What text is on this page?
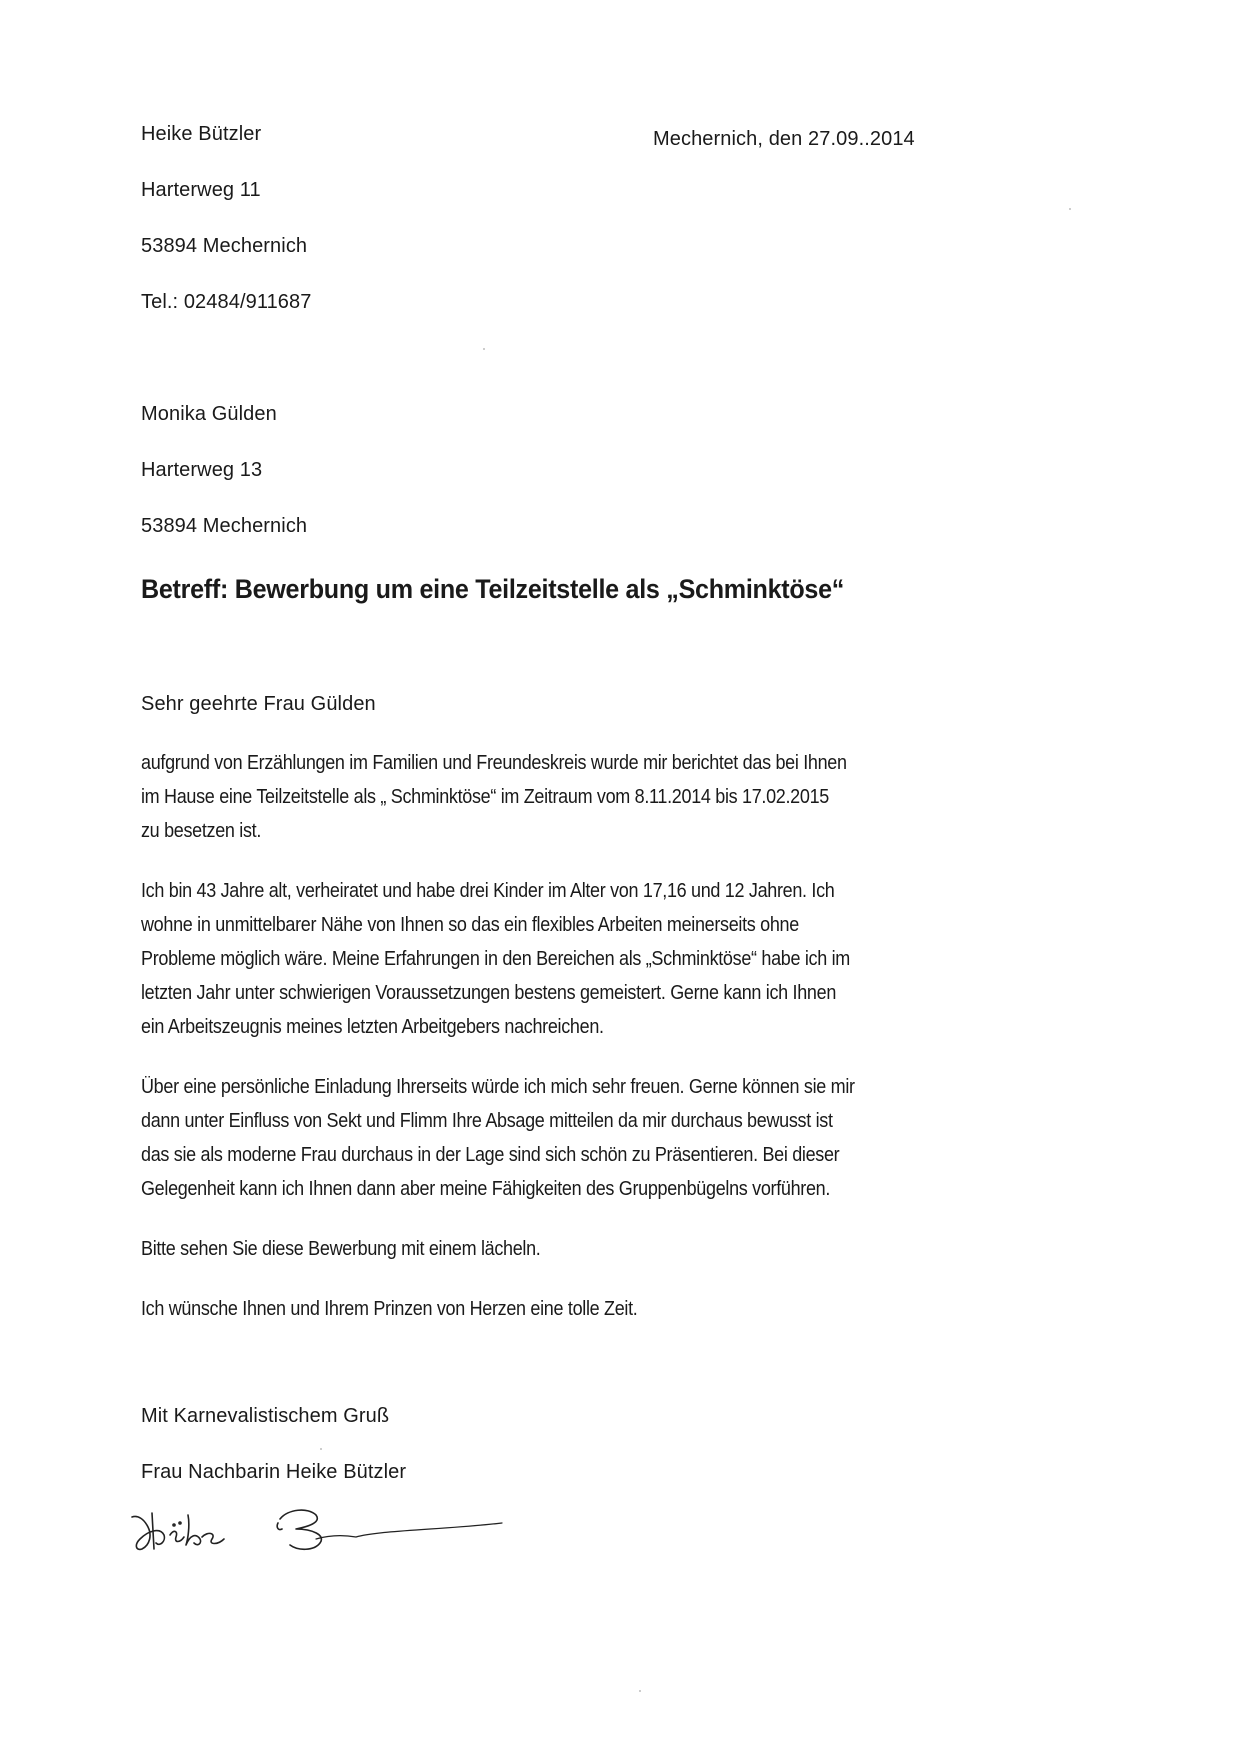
Heike Bützler
Harterweg 11
53894 Mechernich
Tel.: 02484/911687
Mechernich, den 27.09..2014
Monika Gülden
Harterweg 13
53894 Mechernich
Betreff: Bewerbung um eine Teilzeitstelle als „Schminktöse“
Sehr geehrte Frau Gülden
aufgrund von Erzählungen im Familien und Freundeskreis wurde mir berichtet das bei Ihnen
im Hause eine Teilzeitstelle als „ Schminktöse“ im Zeitraum vom 8.11.2014 bis 17.02.2015
zu besetzen ist.
Ich bin 43 Jahre alt, verheiratet und habe drei Kinder im Alter von 17,16 und 12 Jahren. Ich
wohne in unmittelbarer Nähe von Ihnen so das ein flexibles Arbeiten meinerseits ohne
Probleme möglich wäre. Meine Erfahrungen in den Bereichen als „Schminktöse“ habe ich im
letzten Jahr unter schwierigen Voraussetzungen bestens gemeistert. Gerne kann ich Ihnen
ein Arbeitszeugnis meines letzten Arbeitgebers nachreichen.
Über eine persönliche Einladung Ihrerseits würde ich mich sehr freuen. Gerne können sie mir
dann unter Einfluss von Sekt und Flimm Ihre Absage mitteilen da mir durchaus bewusst ist
das sie als moderne Frau durchaus in der Lage sind sich schön zu Präsentieren. Bei dieser
Gelegenheit kann ich Ihnen dann aber meine Fähigkeiten des Gruppenbügelns vorführen.
Bitte sehen Sie diese Bewerbung mit einem lächeln.
Ich wünsche Ihnen und Ihrem Prinzen von Herzen eine tolle Zeit.
Mit Karnevalistischem Gruß
Frau Nachbarin Heike Bützler
